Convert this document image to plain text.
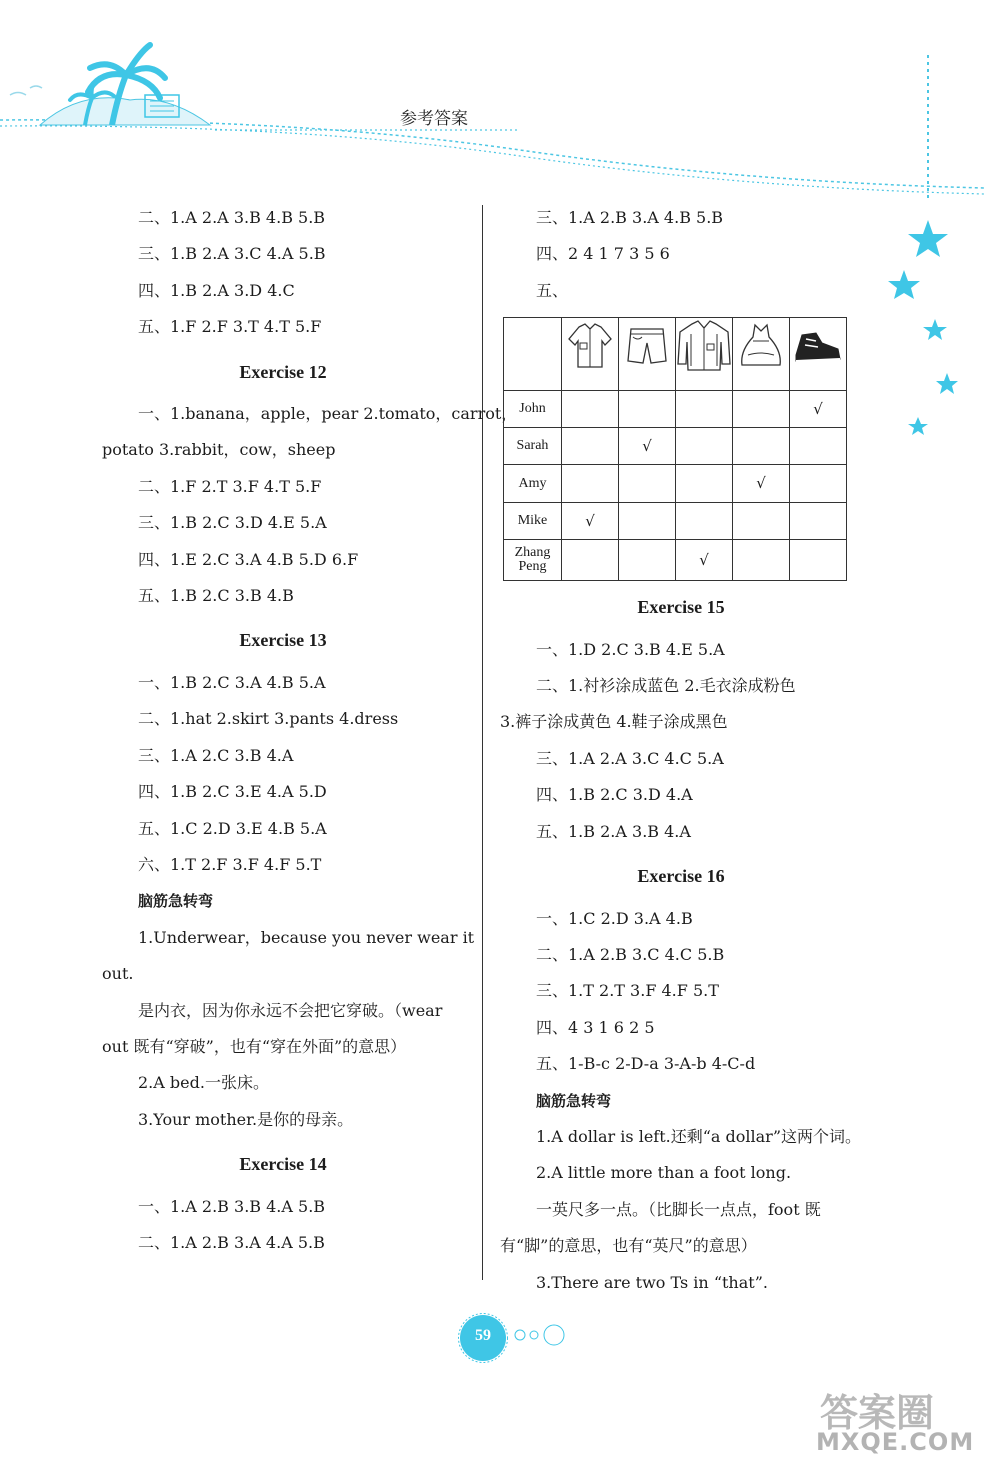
参考答案
二、1.A 2.A 3.B 4.B 5.B
三、1.B 2.A 3.C 4.A 5.B
四、1.B 2.A 3.D 4.C
五、1.F 2.F 3.T 4.T 5.F
Exercise 12
一、1.banana，apple，pear 2.tomato，carrot，
potato 3.rabbit，cow，sheep
二、1.F 2.T 3.F 4.T 5.F
三、1.B 2.C 3.D 4.E 5.A
四、1.E 2.C 3.A 4.B 5.D 6.F
五、1.B 2.C 3.B 4.B
Exercise 13
一、1.B 2.C 3.A 4.B 5.A
二、1.hat 2.skirt 3.pants 4.dress
三、1.A 2.C 3.B 4.A
四、1.B 2.C 3.E 4.A 5.D
五、1.C 2.D 3.E 4.B 5.A
六、1.T 2.F 3.F 4.F 5.T
脑筋急转弯
1.Underwear，because you never wear it
out.
是内衣，因为你永远不会把它穿破。（wear
out 既有“穿破”，也有“穿在外面”的意思）
2.A bed.一张床。
3.Your mother.是你的母亲。
Exercise 14
一、1.A 2.B 3.B 4.A 5.B
二、1.A 2.B 3.A 4.A 5.B
三、1.A 2.B 3.A 4.B 5.B
四、2 4 1 7 3 5 6
五、

John					√
Sarah		√			
Amy				√	
Mike	√				
Zhang Peng			√		
Exercise 15
一、1.D 2.C 3.B 4.E 5.A
二、1.衬衫涂成蓝色 2.毛衣涂成粉色
3.裤子涂成黄色 4.鞋子涂成黑色
三、1.A 2.A 3.C 4.C 5.A
四、1.B 2.C 3.D 4.A
五、1.B 2.A 3.B 4.A
Exercise 16
一、1.C 2.D 3.A 4.B
二、1.A 2.B 3.C 4.C 5.B
三、1.T 2.T 3.F 4.F 5.T
四、4 3 1 6 2 5
五、1-B-c 2-D-a 3-A-b 4-C-d
脑筋急转弯
1.A dollar is left.还剩“a dollar”这两个词。
2.A little more than a foot long.
一英尺多一点。（比脚长一点点，foot 既
有“脚”的意思，也有“英尺”的意思）
3.There are two Ts in “that”.
59
答案圈
MXQE.COM
